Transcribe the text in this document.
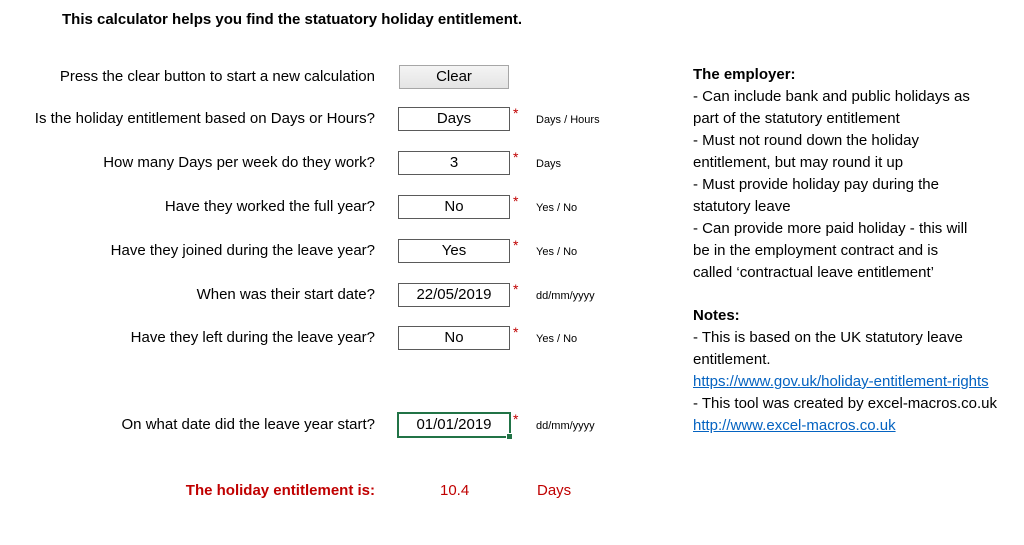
This calculator helps you find the statuatory holiday entitlement.
Press the clear button to start a new calculation	Clear
Is the holiday entitlement based on Days or Hours?	Days	* Days / Hours
How many Days per week do they work?	3	* Days
Have they worked the full year?	No	* Yes / No
Have they joined during the leave year?	Yes	* Yes / No
When was their start date?	22/05/2019	* dd/mm/yyyy
Have they left during the leave year?	No	* Yes / No
On what date did the leave year start?	01/01/2019	* dd/mm/yyyy
The holiday entitlement is:	10.4	Days
The employer:
- Can include bank and public holidays as
part of the statutory entitlement
- Must not round down the holiday
entitlement, but may round it up
- Must provide holiday pay during the
statutory leave
- Can provide more paid holiday - this will
be in the employment contract and is
called ‘contractual leave entitlement’
Notes:
- This is based on the UK statutory leave
entitlement.
https://www.gov.uk/holiday-entitlement-rights
- This tool was created by excel-macros.co.uk
http://www.excel-macros.co.uk
